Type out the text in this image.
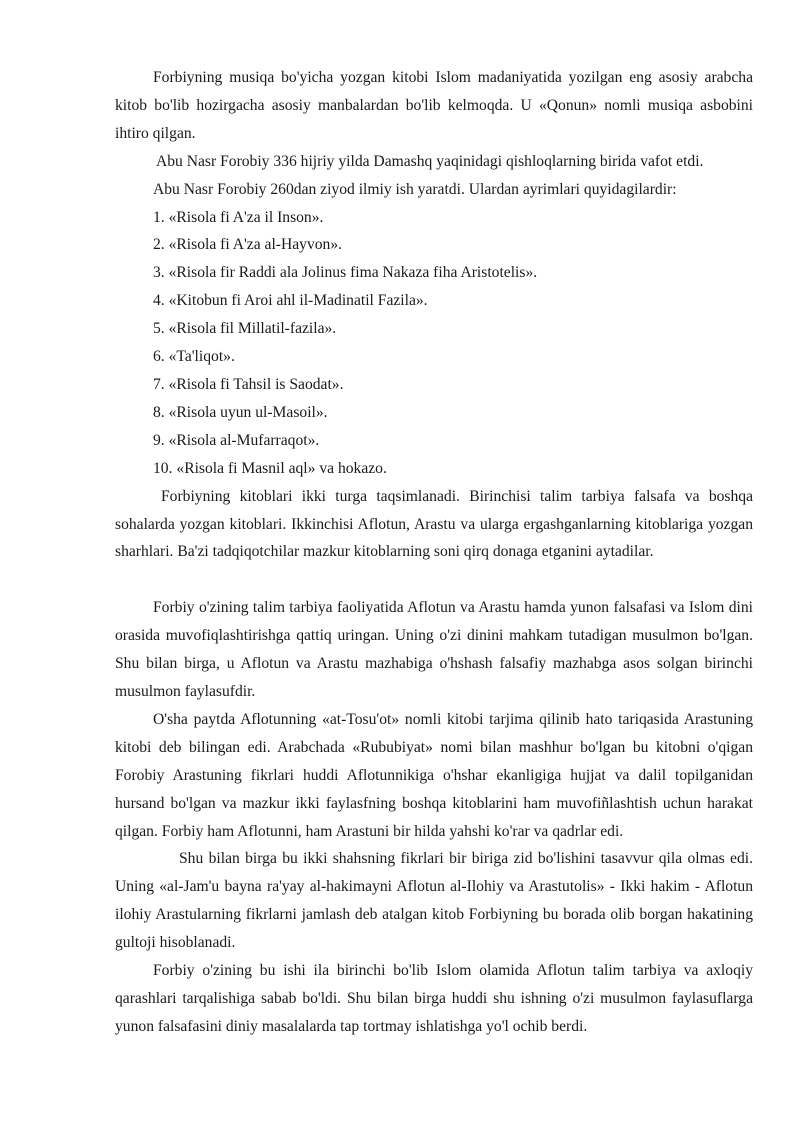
Forbiyning musiqa bo'yicha yozgan kitobi Islom madaniyatida yozilgan eng asosiy arabcha kitob bo'lib hozirgacha asosiy manbalardan bo'lib kelmoqda. U «Qonun» nomli musiqa asbobini ihtiro qilgan.

Abu Nasr Forobiy 336 hijriy yilda Damashq yaqinidagi qishloqlarning birida vafot etdi.

Abu Nasr Forobiy 260dan ziyod ilmiy ish yaratdi. Ulardan ayrimlari quyidagilardir:

1. «Risola fi A'za il Inson».

2. «Risola fi A'za al-Hayvon».

3. «Risola fir Raddi ala Jolinus fima Nakaza fiha Aristotelis».

4. «Kitobun fi Aroi ahl il-Madinatil Fazila».

5. «Risola fil Millatil-fazila».

6. «Ta'liqot».

7. «Risola fi Tahsil is Saodat».

8. «Risola uyun ul-Masoil».

9. «Risola al-Mufarraqot».

10. «Risola fi Masnil aql» va hokazo.

Forbiyning kitoblari ikki turga taqsimlanadi. Birinchisi talim tarbiya falsafa va boshqa sohalarda yozgan kitoblari. Ikkinchisi Aflotun, Arastu va ularga ergashganlarning kitoblariga yozgan sharhlari. Ba'zi tadqiqotchilar mazkur kitoblarning soni qirq donaga etganini aytadilar.

Forbiy o'zining talim tarbiya faoliyatida Aflotun va Arastu hamda yunon falsafasi va Islom dini orasida muvofiqlashtirishga qattiq uringan. Uning o'zi dinini mahkam tutadigan musulmon bo'lgan. Shu bilan birga, u Aflotun va Arastu mazhabiga o'hshash falsafiy mazhabga asos solgan birinchi musulmon faylasufdir.

O'sha paytda Aflotunning «at-Tosu'ot» nomli kitobi tarjima qilinib hato tariqasida Arastuning kitobi deb bilingan edi. Arabchada «Rububiyat» nomi bilan mashhur bo'lgan bu kitobni o'qigan Forobiy Arastuning fikrlari huddi Aflotunnikiga o'hshar ekanligiga hujjat va dalil topilganidan hursand bo'lgan va mazkur ikki faylasfning boshqa kitoblarini ham muvofiñlashtish uchun harakat qilgan. Forbiy ham Aflotunni, ham Arastuni bir hilda yahshi ko'rar va qadrlar edi.

Shu bilan birga bu ikki shahsning fikrlari bir biriga zid bo'lishini tasavvur qila olmas edi. Uning «al-Jam'u bayna ra'yay al-hakimayni Aflotun al-Ilohiy va Arastutolis» - Ikki hakim - Aflotun ilohiy Arastularning fikrlarni jamlash deb atalgan kitob Forbiyning bu borada olib borgan hakatining gultoji hisoblanadi.

Forbiy o'zining bu ishi ila birinchi bo'lib Islom olamida Aflotun talim tarbiya va axloqiy qarashlari tarqalishiga sabab bo'ldi. Shu bilan birga huddi shu ishning o'zi musulmon faylasuflarga yunon falsafasini diniy masalalarda tap tortmay ishlatishga yo'l ochib berdi.
